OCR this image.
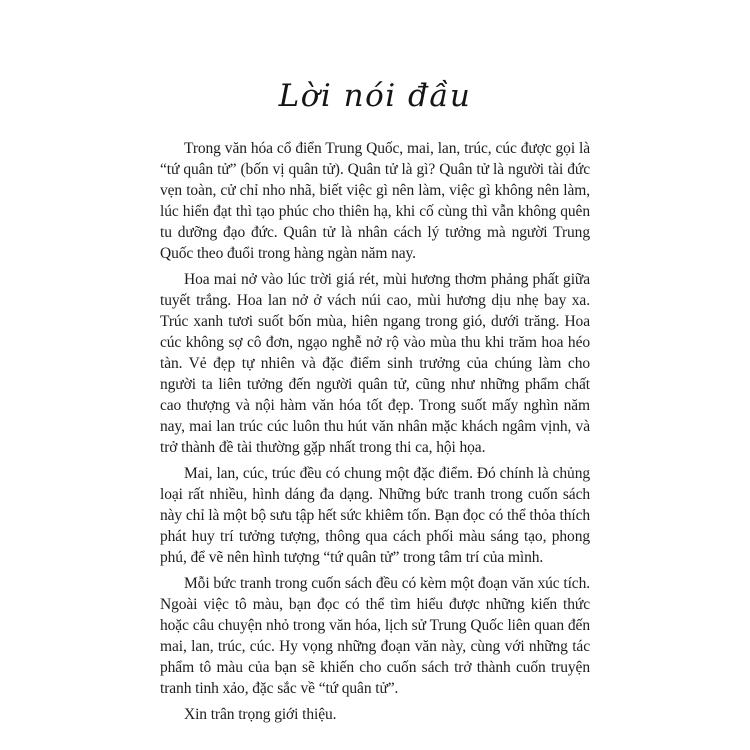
Lời nói đầu

Trong văn hóa cổ điển Trung Quốc, mai, lan, trúc, cúc được gọi là “tứ quân tử” (bốn vị quân tử). Quân tử là gì? Quân tử là người tài đức vẹn toàn, cử chỉ nho nhã, biết việc gì nên làm, việc gì không nên làm, lúc hiển đạt thì tạo phúc cho thiên hạ, khi cố cùng thì vẫn không quên tu dưỡng đạo đức. Quân tử là nhân cách lý tưởng mà người Trung Quốc theo đuổi trong hàng ngàn năm nay.

Hoa mai nở vào lúc trời giá rét, mùi hương thơm phảng phất giữa tuyết trắng. Hoa lan nở ở vách núi cao, mùi hương dịu nhẹ bay xa. Trúc xanh tươi suốt bốn mùa, hiên ngang trong gió, dưới trăng. Hoa cúc không sợ cô đơn, ngạo nghễ nở rộ vào mùa thu khi trăm hoa héo tàn. Vẻ đẹp tự nhiên và đặc điểm sinh trưởng của chúng làm cho người ta liên tưởng đến người quân tử, cũng như những phẩm chất cao thượng và nội hàm văn hóa tốt đẹp. Trong suốt mấy nghìn năm nay, mai lan trúc cúc luôn thu hút văn nhân mặc khách ngâm vịnh, và trở thành đề tài thường gặp nhất trong thi ca, hội họa.

Mai, lan, cúc, trúc đều có chung một đặc điểm. Đó chính là chủng loại rất nhiều, hình dáng đa dạng. Những bức tranh trong cuốn sách này chỉ là một bộ sưu tập hết sức khiêm tốn. Bạn đọc có thể thỏa thích phát huy trí tưởng tượng, thông qua cách phối màu sáng tạo, phong phú, để vẽ nên hình tượng “tứ quân tử” trong tâm trí của mình.

Mỗi bức tranh trong cuốn sách đều có kèm một đoạn văn xúc tích. Ngoài việc tô màu, bạn đọc có thể tìm hiểu được những kiến thức hoặc câu chuyện nhỏ trong văn hóa, lịch sử Trung Quốc liên quan đến mai, lan, trúc, cúc. Hy vọng những đoạn văn này, cùng với những tác phẩm tô màu của bạn sẽ khiến cho cuốn sách trở thành cuốn truyện tranh tinh xảo, đặc sắc về “tứ quân tử”.

Xin trân trọng giới thiệu.
